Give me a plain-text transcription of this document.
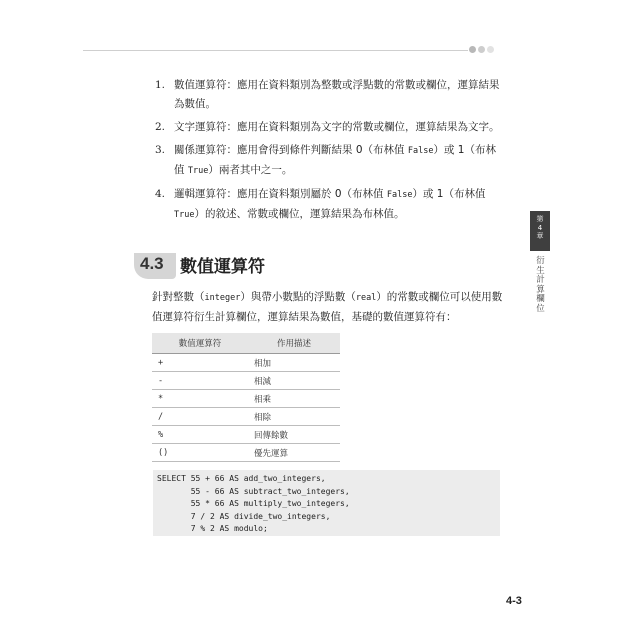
1. 數值運算符：應用在資料類別為整數或浮點數的常數或欄位，運算結果為數值。
2. 文字運算符：應用在資料類別為文字的常數或欄位，運算結果為文字。
3. 關係運算符：應用會得到條件判斷結果 0（布林值 False）或 1（布林值 True）兩者其中之一。
4. 邏輯運算符：應用在資料類別屬於 0（布林值 False）或 1（布林值 True）的敘述、常數或欄位，運算結果為布林值。
4.3 數值運算符

針對整數（integer）與帶小數點的浮點數（real）的常數或欄位可以使用數值運算符衍生計算欄位，運算結果為數值，基礎的數值運算符有：

數值運算符	作用描述
+	相加
-	相減
*	相乘
/	相除
%	回傳餘數
()	優先運算
SELECT 55 + 66 AS add_two_integers,
55 - 66 AS subtract_two_integers,
55 * 66 AS multiply_two_integers,
7 / 2 AS divide_two_integers,
7 % 2 AS modulo;
第
4
章
衍生計算欄位
4-3
